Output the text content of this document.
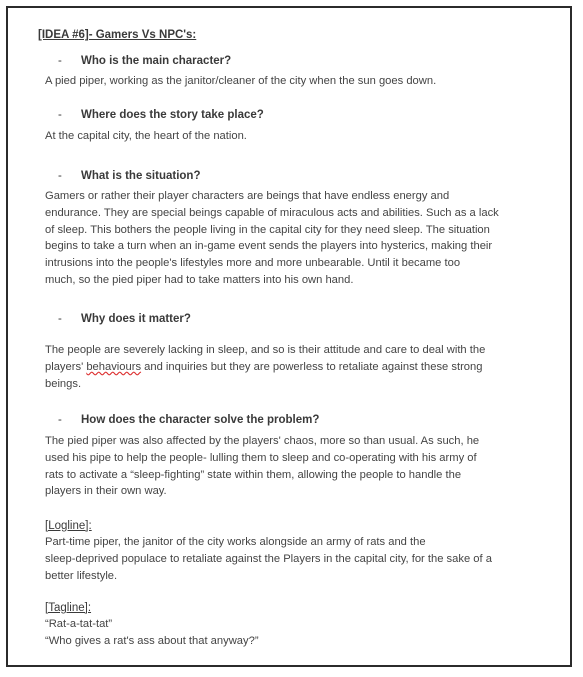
[IDEA #6]- Gamers Vs NPC's:
- Who is the main character?
A pied piper, working as the janitor/cleaner of the city when the sun goes down.
- Where does the story take place?
At the capital city, the heart of the nation.
- What is the situation?
Gamers or rather their player characters are beings that have endless energy and
endurance. They are special beings capable of miraculous acts and abilities. Such as a lack
of sleep. This bothers the people living in the capital city for they need sleep. The situation
begins to take a turn when an in-game event sends the players into hysterics, making their
intrusions into the people's lifestyles more and more unbearable. Until it became too
much, so the pied piper had to take matters into his own hand.
- Why does it matter?
The people are severely lacking in sleep, and so is their attitude and care to deal with the
players' behaviours and inquiries but they are powerless to retaliate against these strong
beings.
- How does the character solve the problem?
The pied piper was also affected by the players' chaos, more so than usual. As such, he
used his pipe to help the people- lulling them to sleep and co-operating with his army of
rats to activate a “sleep-fighting” state within them, allowing the people to handle the
players in their own way.
[Logline]:
Part-time piper, the janitor of the city works alongside an army of rats and the
sleep-deprived populace to retaliate against the Players in the capital city, for the sake of a
better lifestyle.
[Tagline]:
“Rat-a-tat-tat”
“Who gives a rat's ass about that anyway?”
